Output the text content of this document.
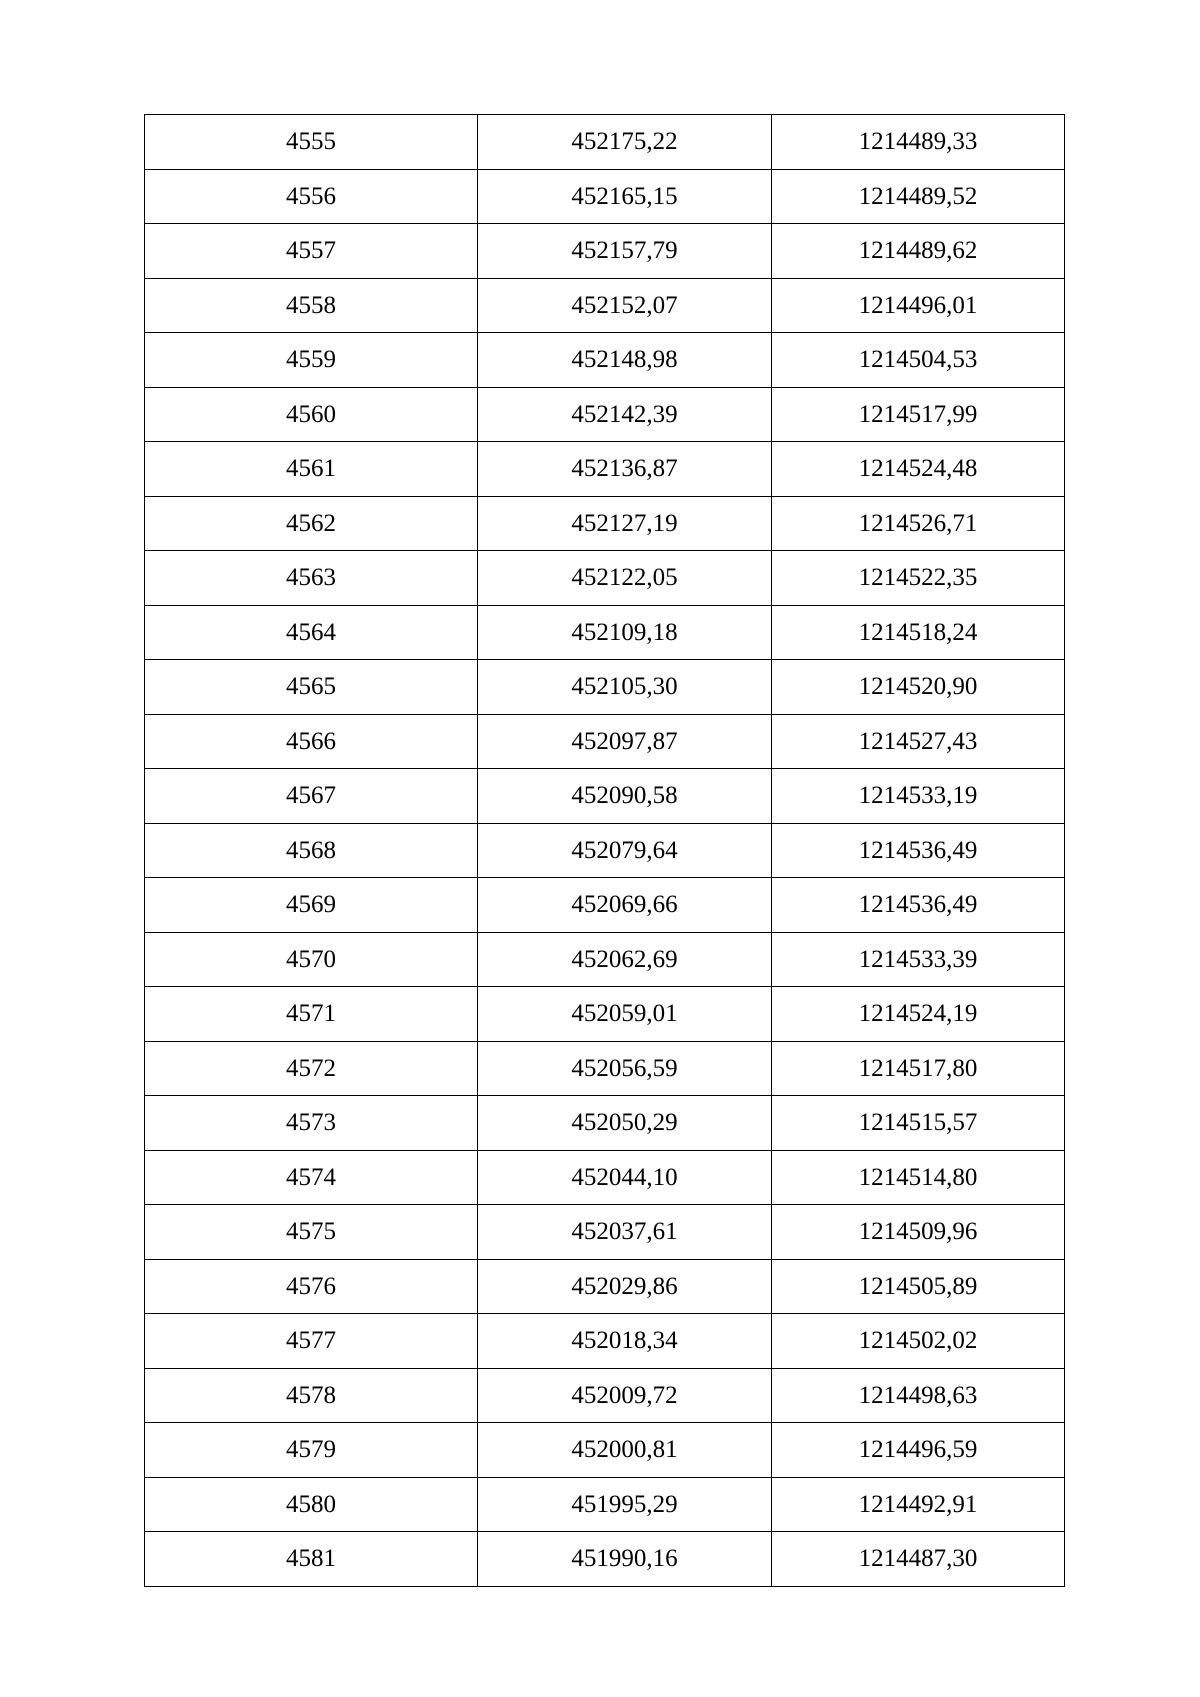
4555	452175,22	1214489,33
4556	452165,15	1214489,52
4557	452157,79	1214489,62
4558	452152,07	1214496,01
4559	452148,98	1214504,53
4560	452142,39	1214517,99
4561	452136,87	1214524,48
4562	452127,19	1214526,71
4563	452122,05	1214522,35
4564	452109,18	1214518,24
4565	452105,30	1214520,90
4566	452097,87	1214527,43
4567	452090,58	1214533,19
4568	452079,64	1214536,49
4569	452069,66	1214536,49
4570	452062,69	1214533,39
4571	452059,01	1214524,19
4572	452056,59	1214517,80
4573	452050,29	1214515,57
4574	452044,10	1214514,80
4575	452037,61	1214509,96
4576	452029,86	1214505,89
4577	452018,34	1214502,02
4578	452009,72	1214498,63
4579	452000,81	1214496,59
4580	451995,29	1214492,91
4581	451990,16	1214487,30
